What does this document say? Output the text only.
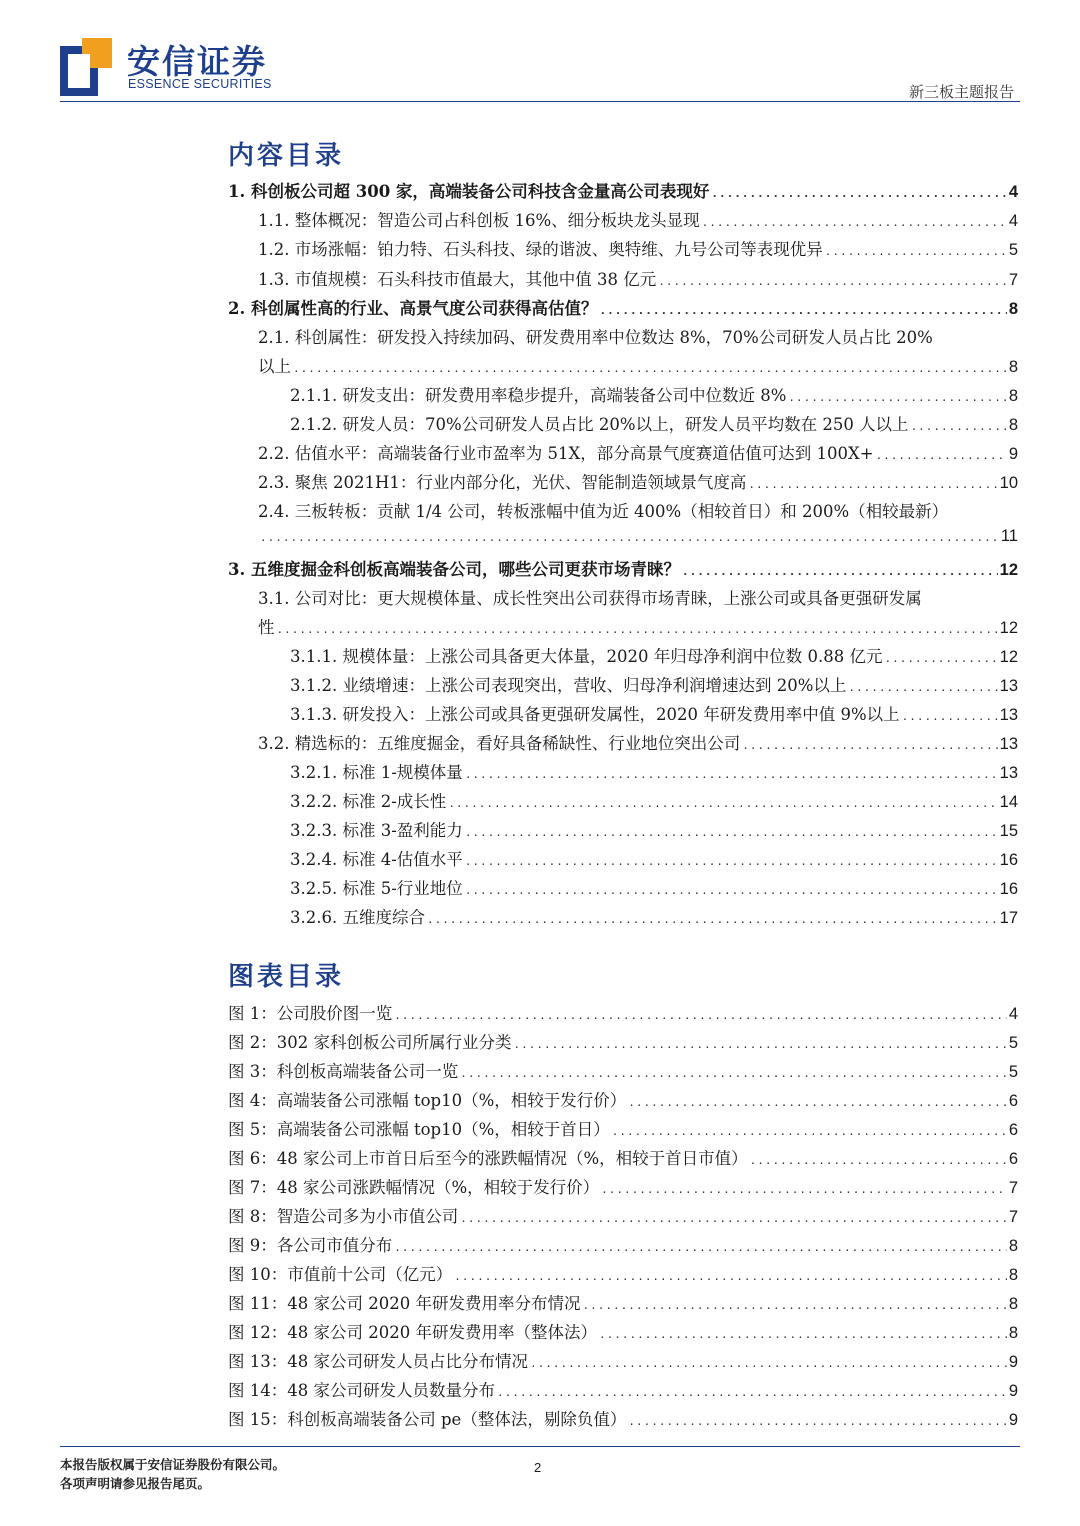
安信证券
ESSENCE SECURITIES	新三板主题报告
内容目录
1.
科创板公司超 300 家，高端装备公司科技含金量高公司表现好 .....	4
1.1.
整体概况：智造公司占科创板 16%、细分板块龙头显现 .....	4
1.2.
市场涨幅：铂力特、石头科技、绿的谐波、奥特维、九号公司等表现优异 .....	5
1.3.
市值规模：石头科技市值最大，其他中值 38 亿元 .....	7
2.
科创属性高的行业、高景气度公司获得高估值？ .....	8
2.1.
科创属性：研发投入持续加码、研发费用率中位数达 8%，70%公司研发人员占比 20%
以上 .....	8
2.1.1.
研发支出：研发费用率稳步提升，高端装备公司中位数近 8% .....	8
2.1.2.
研发人员：70%公司研发人员占比 20%以上，研发人员平均数在 250 人以上 .....	8
2.2.
估值水平：高端装备行业市盈率为 51X，部分高景气度赛道估值可达到 100X+ .....	9
2.3.
聚焦 2021H1：行业内部分化，光伏、智能制造领域景气度高 .....	10
2.4.
三板转板：贡献 1/4 公司，转板涨幅中值为近 400%（相较首日）和 200%（相较最新）
.....
11
3.
五维度掘金科创板高端装备公司，哪些公司更获市场青睐？ .....	12
3.1.
公司对比：更大规模体量、成长性突出公司获得市场青睐，上涨公司或具备更强研发属
性 .....	12
3.1.1.
规模体量：上涨公司具备更大体量，2020 年归母净利润中位数 0.88 亿元 .....	12
3.1.2.
业绩增速：上涨公司表现突出，营收、归母净利润增速达到 20%以上 .....	13
3.1.3.
研发投入：上涨公司或具备更强研发属性，2020 年研发费用率中值 9%以上 .....	13
3.2.
精选标的：五维度掘金，看好具备稀缺性、行业地位突出公司 .....	13
3.2.1.
标准 1-规模体量 .....	13
3.2.2.
标准 2-成长性 .....	14
3.2.3.
标准 3-盈利能力 .....	15
3.2.4.
标准 4-估值水平 .....	16
3.2.5.
标准 5-行业地位 .....	16
3.2.6.
五维度综合 .....	17
图表目录
图 1： 公司股价图一览 .....	4
图 2： 302 家科创板公司所属行业分类 .....	5
图 3： 科创板高端装备公司一览 .....	5
图 4： 高端装备公司涨幅 top10（%，相较于发行价） .....	6
图 5： 高端装备公司涨幅 top10（%，相较于首日） .....	6
图 6： 48 家公司上市首日后至今的涨跌幅情况（%，相较于首日市值） .....	6
图 7： 48 家公司涨跌幅情况（%，相较于发行价） .....	7
图 8： 智造公司多为小市值公司 .....	7
图 9： 各公司市值分布 .....	8
图 10： 市值前十公司（亿元） .....	8
图 11： 48 家公司 2020 年研发费用率分布情况 .....	8
图 12： 48 家公司 2020 年研发费用率（整体法） .....	8
图 13： 48 家公司研发人员占比分布情况 .....	9
图 14： 48 家公司研发人员数量分布 .....	9
图 15： 科创板高端装备公司 pe（整体法，剔除负值） .....	9
本报告版权属于安信证券股份有限公司。
各项声明请参见报告尾页。
2
